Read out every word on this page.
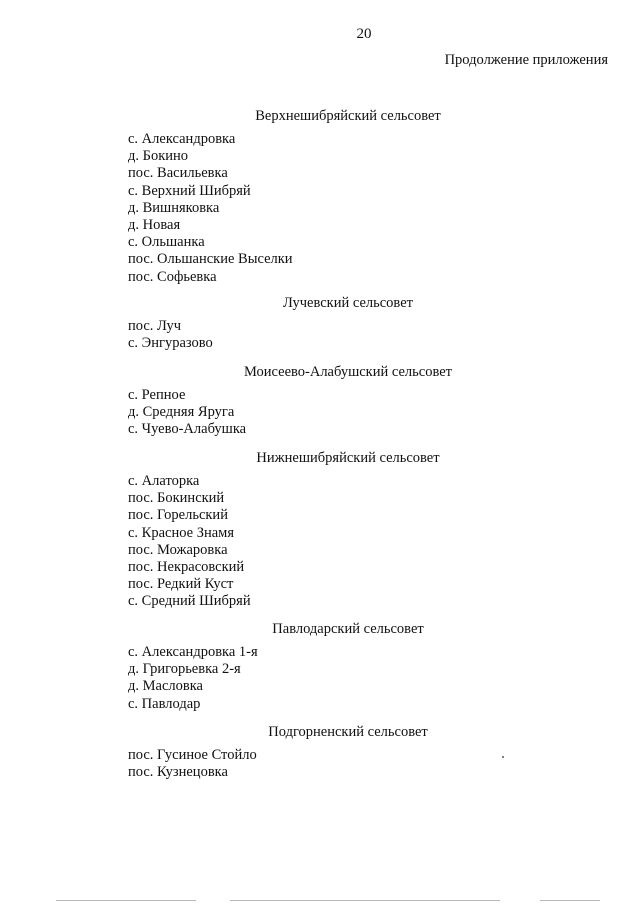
20
Продолжение приложения
Верхнешибряйский сельсовет
с. Александровка
д. Бокино
пос. Васильевка
с. Верхний Шибряй
д. Вишняковка
д. Новая
с. Ольшанка
пос. Ольшанские Выселки
пос. Софьевка
Лучевский сельсовет
пос. Луч
с. Энгуразово
Моисеево-Алабушский сельсовет
с. Репное
д. Средняя Яруга
с. Чуево-Алабушка
Нижнешибряйский сельсовет
с. Алаторка
пос. Бокинский
пос. Горельский
с. Красное Знамя
пос. Можаровка
пос. Некрасовский
пос. Редкий Куст
с. Средний Шибряй
Павлодарский сельсовет
с. Александровка 1-я
д. Григорьевка 2-я
д. Масловка
с. Павлодар
Подгорненский сельсовет
пос. Гусиное Стойло
пос. Кузнецовка
